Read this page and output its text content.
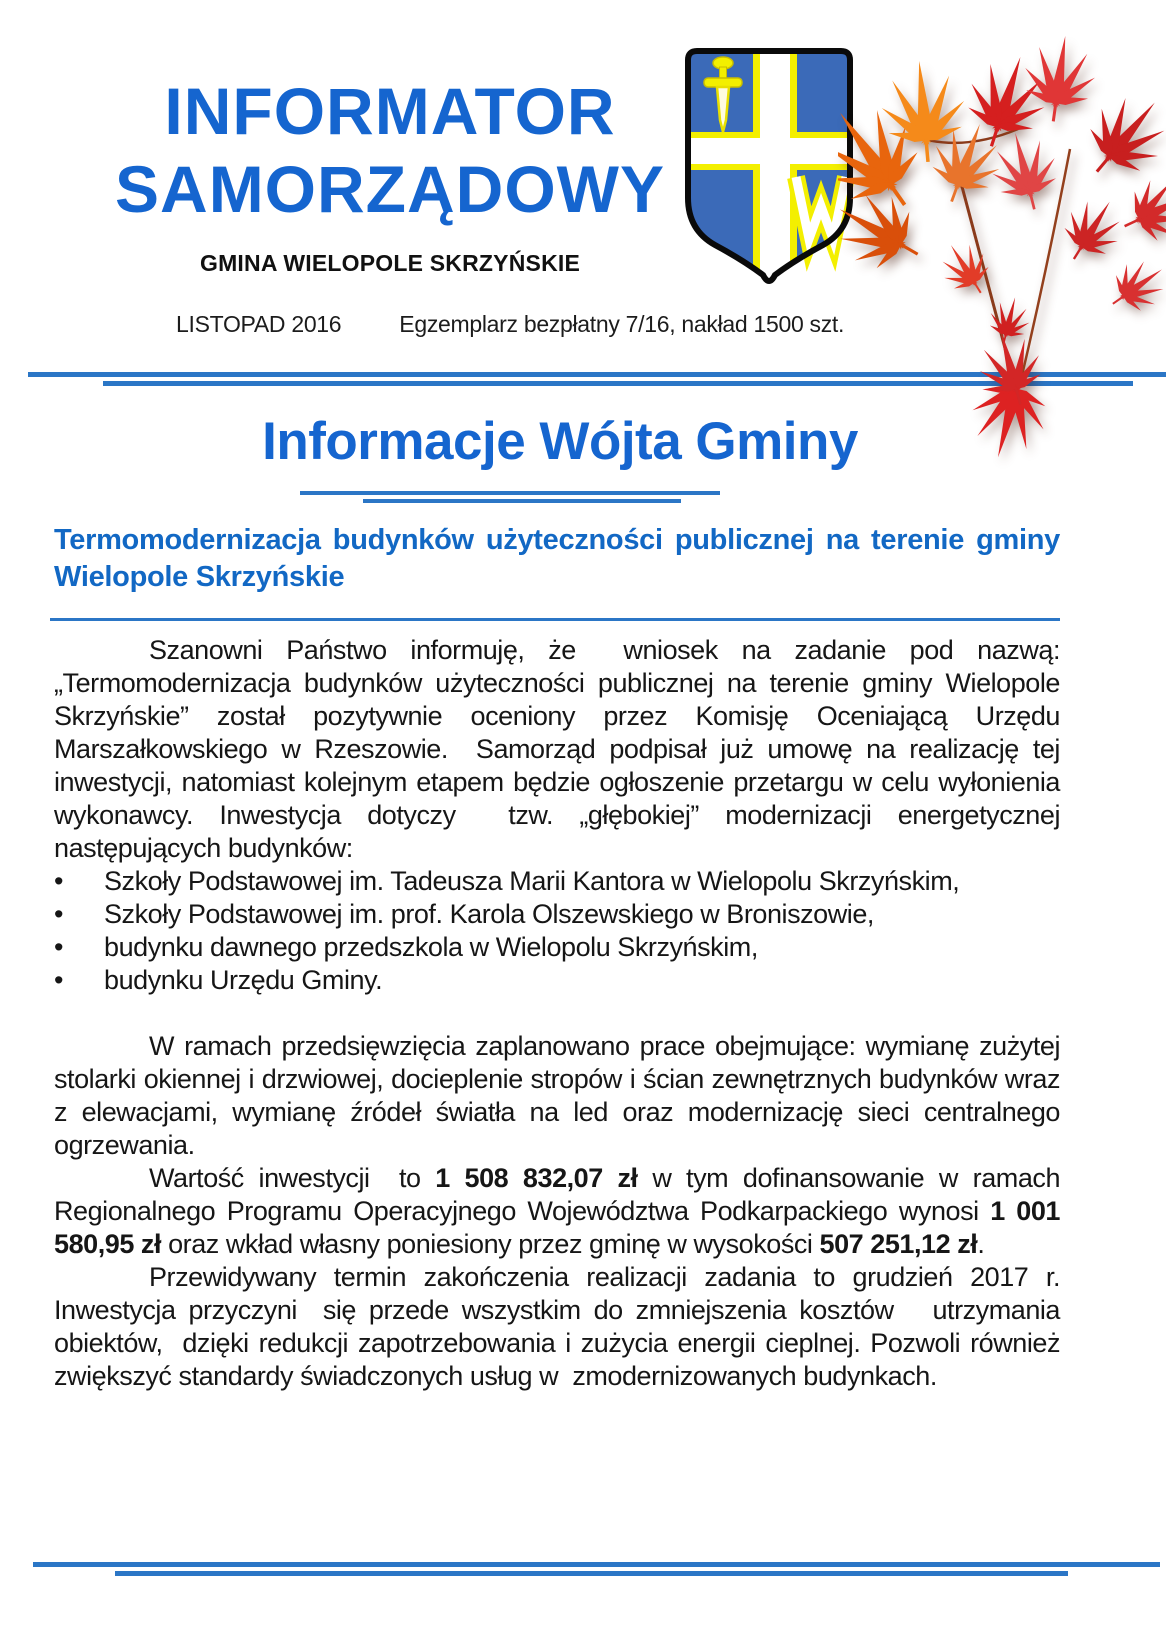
INFORMATOR
SAMORZĄDOWY
GMINA WIELOPOLE SKRZYŃSKIE
LISTOPAD 2016	Egzemplarz bezpłatny 7/16, nakład 1500 szt.
Informacje Wójta Gminy
Termomodernizacja budynków użyteczności publicznej na terenie gminy Wielopole Skrzyńskie

Szanowni Państwo informuję, że  wniosek na zadanie pod nazwą: „Termomodernizacja budynków użyteczności publicznej na terenie gminy Wielopole Skrzyńskie” został pozytywnie oceniony przez Komisję Oceniającą Urzędu Marszałkowskiego w Rzeszowie.  Samorząd podpisał już umowę na realizację tej inwestycji, natomiast kolejnym etapem będzie ogłoszenie przetargu w celu wyłonienia wykonawcy. Inwestycja dotyczy  tzw. „głębokiej” modernizacji energetycznej następujących budynków:

•	Szkoły Podstawowej im. Tadeusza Marii Kantora w Wielopolu Skrzyńskim,
•	Szkoły Podstawowej im. prof. Karola Olszewskiego w Broniszowie,
•	budynku dawnego przedszkola w Wielopolu Skrzyńskim,
•	budynku Urzędu Gminy.

W ramach przedsięwzięcia zaplanowano prace obejmujące: wymianę zużytej stolarki okiennej i drzwiowej, docieplenie stropów i ścian zewnętrznych budynków wraz z elewacjami, wymianę źródeł światła na led oraz modernizację sieci centralnego ogrzewania.

Wartość inwestycji  to 1 508 832,07 zł w tym dofinansowanie w ramach Regionalnego Programu Operacyjnego Województwa Podkarpackiego wynosi 1 001 580,95 zł oraz wkład własny poniesiony przez gminę w wysokości 507 251,12 zł.

Przewidywany termin zakończenia realizacji zadania to grudzień 2017 r. Inwestycja przyczyni  się przede wszystkim do zmniejszenia kosztów   utrzymania obiektów,  dzięki redukcji zapotrzebowania i zużycia energii cieplnej. Pozwoli również zwiększyć standardy świadczonych usług w  zmodernizowanych budynkach.
